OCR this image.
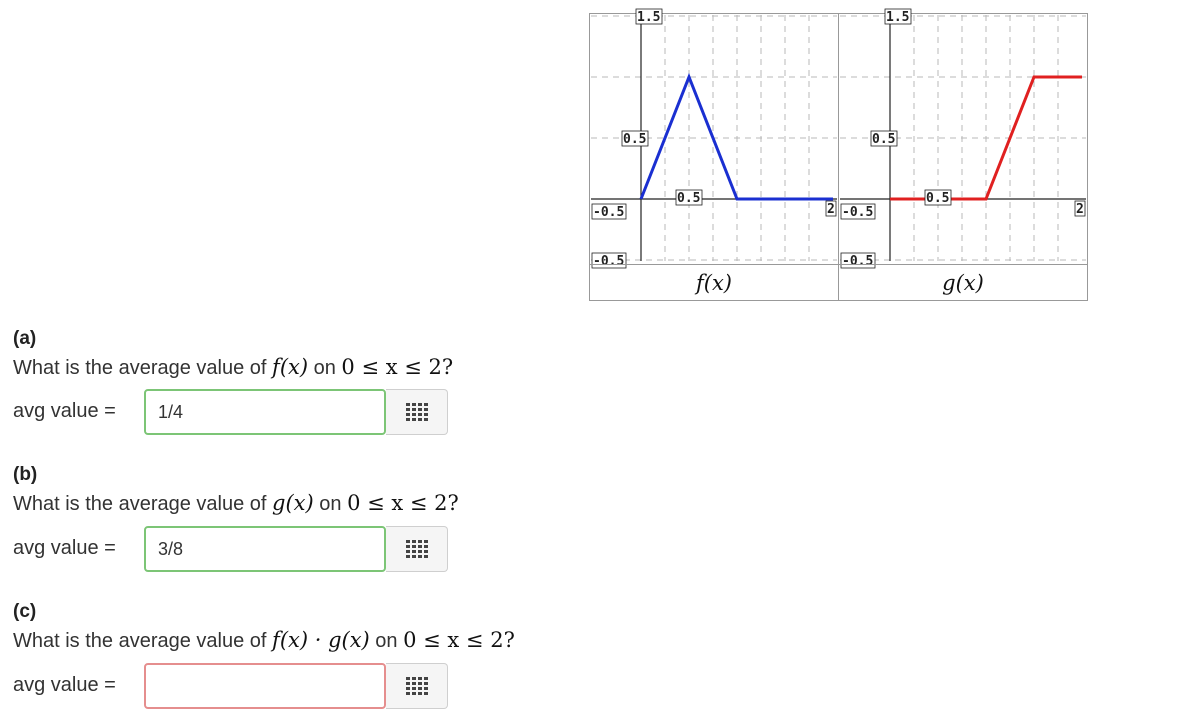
1.5
0.5
0.5
-0.5
-0.5
2
1.5
0.5
0.5
-0.5
-0.5
2
f(x)	g(x)
(a)
What is the average value of f(x) on 0 ≤ x ≤ 2?
avg value =	1/4
(b)
What is the average value of g(x) on 0 ≤ x ≤ 2?
avg value =	3/8
(c)
What is the average value of f(x) · g(x) on 0 ≤ x ≤ 2?
avg value =
